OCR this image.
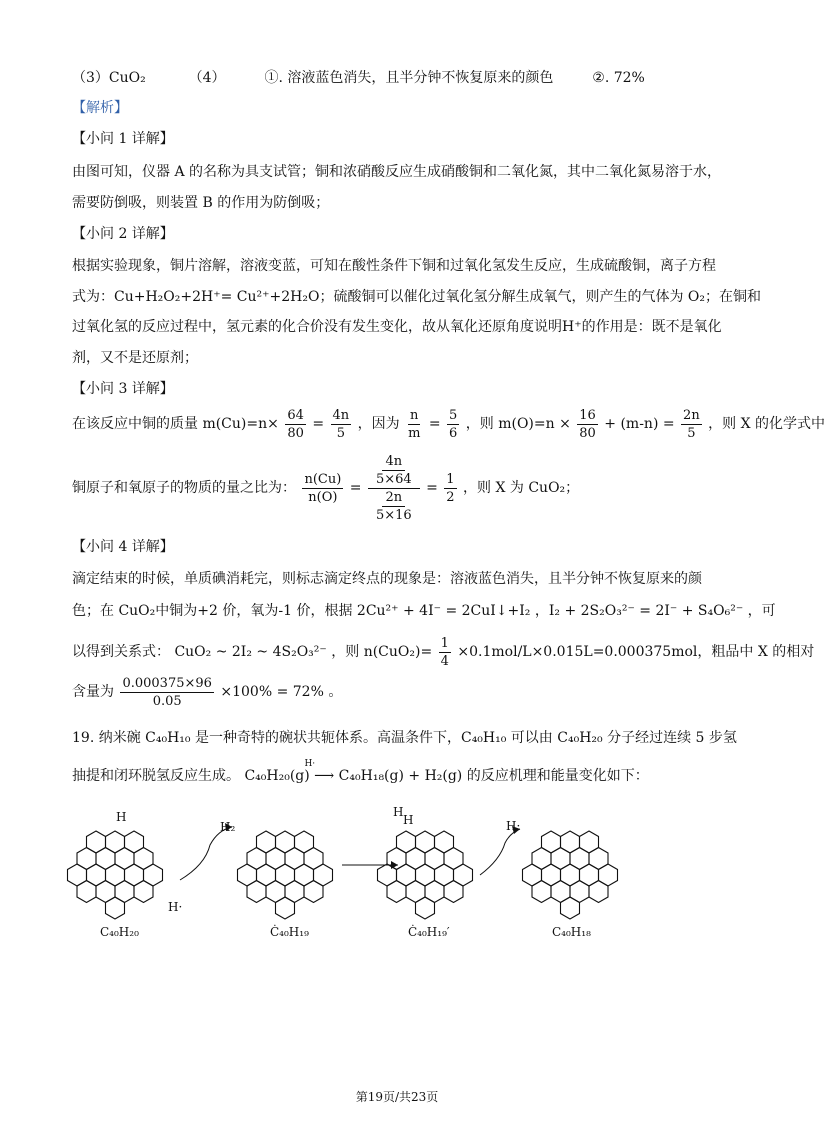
（3）CuO₂	（4）	①. 溶液蓝色消失，且半分钟不恢复原来的颜色	②. 72%
【解析】
【小问 1 详解】
由图可知，仪器 A 的名称为具支试管；铜和浓硝酸反应生成硝酸铜和二氧化氮，其中二氧化氮易溶于水，
需要防倒吸，则装置 B 的作用为防倒吸；
【小问 2 详解】
根据实验现象，铜片溶解，溶液变蓝，可知在酸性条件下铜和过氧化氢发生反应，生成硫酸铜，离子方程
式为：Cu+H₂O₂+2H⁺= Cu²⁺+2H₂O；硫酸铜可以催化过氧化氢分解生成氧气，则产生的气体为 O₂；在铜和
过氧化氢的反应过程中，氢元素的化合价没有发生变化，故从氧化还原角度说明H⁺的作用是：既不是氧化
剂，又不是还原剂；
【小问 3 详解】
在该反应中铜的质量 $m(Cu)=n\times \frac{64}{80} = \frac{4n}{5}$ ，因为 $\frac{n}{m} = \frac{5}{6}$ ，则 $m(O)=n \times \frac{16}{80} + (m-n) = \frac{2n}{5}$ ，则 X 的化学式中
铜原子和氧原子的物质的量之比为： $\frac{n(Cu)}{n(O)} = \frac{\frac{4n}{5\times 64}}{\frac{2n}{5\times 16}} = \frac{1}{2}$ ，则 X 为 CuO₂；
【小问 4 详解】
滴定结束的时候，单质碘消耗完，则标志滴定终点的现象是：溶液蓝色消失，且半分钟不恢复原来的颜
色；在 CuO₂中铜为+2 价，氧为-1 价，根据 2Cu²⁺ + 4I⁻ = 2CuI↓+I₂ ，I₂ + 2S₂O₃²⁻ = 2I⁻ + S₄O₆²⁻ ，可
以得到关系式： CuO₂ ~ 2I₂ ~ 4S₂O₃²⁻ ，则 $n(CuO_2)= \frac{1}{4} \times 0.1mol/L\times 0.015L=0.000375mol$，粗品中 X 的相对
含量为 $\frac{0.000375\times 96}{0.05} \times 100\% = 72\%$ 。
19. 纳米碗 C₄₀H₁₀ 是一种奇特的碗状共轭体系。高温条件下，C₄₀H₁₀ 可以由 C₄₀H₂₀ 分子经过连续 5 步氢
抽提和闭环脱氢反应生成。
H·
C₄₀H₂₀(g) ⟶ C₄₀H₁₈(g) + H₂(g) 的反应机理和能量变化如下：
H
H·
H₂
H
H	H·
C₄₀H₂₀	Ċ₄₀H₁₉	Ċ₄₀H₁₉′	C₄₀H₁₈
第19页/共23页
